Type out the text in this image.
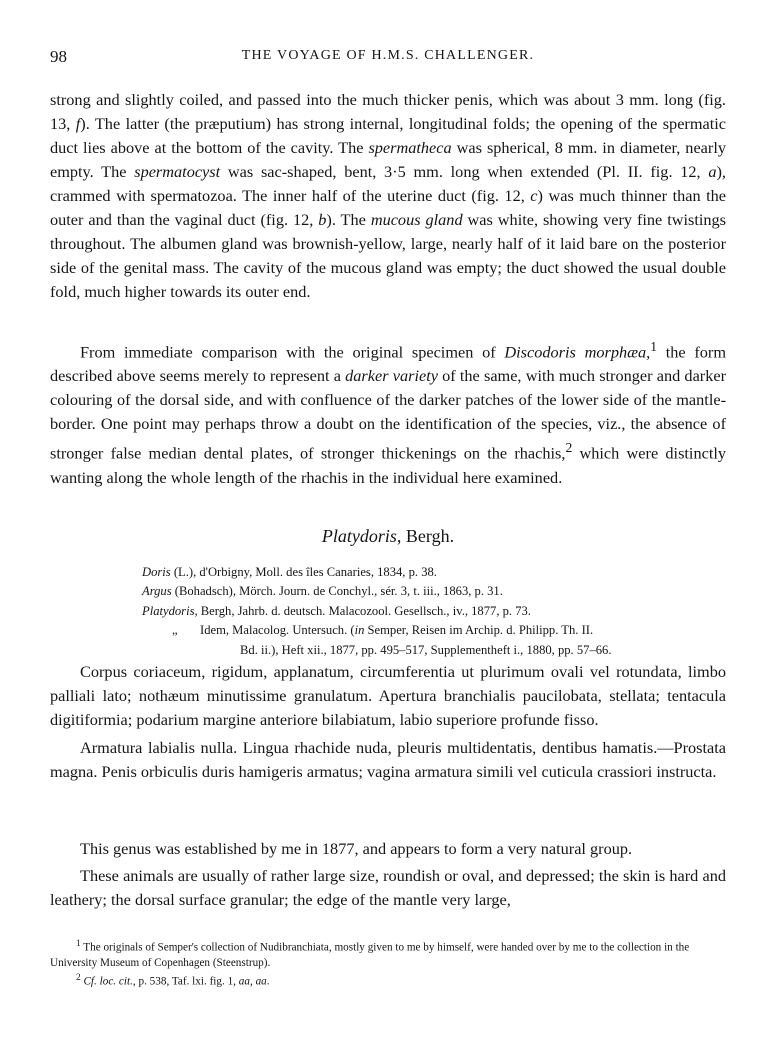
98	THE VOYAGE OF H.M.S. CHALLENGER.

strong and slightly coiled, and passed into the much thicker penis, which was about 3 mm. long (fig. 13, f). The latter (the præputium) has strong internal, longitudinal folds; the opening of the spermatic duct lies above at the bottom of the cavity. The spermatheca was spherical, 8 mm. in diameter, nearly empty. The spermatocyst was sac-shaped, bent, 3·5 mm. long when extended (Pl. II. fig. 12, a), crammed with spermatozoa. The inner half of the uterine duct (fig. 12, c) was much thinner than the outer and than the vaginal duct (fig. 12, b). The mucous gland was white, showing very fine twistings throughout. The albumen gland was brownish-yellow, large, nearly half of it laid bare on the posterior side of the genital mass. The cavity of the mucous gland was empty; the duct showed the usual double fold, much higher towards its outer end.

From immediate comparison with the original specimen of Discodoris morphæa,$^1$ the form described above seems merely to represent a darker variety of the same, with much stronger and darker colouring of the dorsal side, and with confluence of the darker patches of the lower side of the mantle-border. One point may perhaps throw a doubt on the identification of the species, viz., the absence of stronger false median dental plates, of stronger thickenings on the rhachis,$^2$ which were distinctly wanting along the whole length of the rhachis in the individual here examined.

Platydoris, Bergh.
Doris (L.), d'Orbigny, Moll. des îles Canaries, 1834, p. 38.
Argus (Bohadsch), Mörch. Journ. de Conchyl., sér. 3, t. iii., 1863, p. 31.
Platydoris, Bergh, Jahrb. d. deutsch. Malacozool. Gesellsch., iv., 1877, p. 73.
„ Idem, Malacolog. Untersuch. (in Semper, Reisen im Archip. d. Philipp. Th. II.
Bd. ii.), Heft xii., 1877, pp. 495–517, Supplementheft i., 1880, pp. 57–66.

Corpus coriaceum, rigidum, applanatum, circumferentia ut plurimum ovali vel rotundata, limbo palliali lato; nothæum minutissime granulatum. Apertura branchialis paucilobata, stellata; tentacula digitiformia; podarium margine anteriore bilabiatum, labio superiore profunde fisso.

Armatura labialis nulla. Lingua rhachide nuda, pleuris multidentatis, dentibus hamatis.—Prostata magna. Penis orbiculis duris hamigeris armatus; vagina armatura simili vel cuticula crassiori instructa.

This genus was established by me in 1877, and appears to form a very natural group.

These animals are usually of rather large size, roundish or oval, and depressed; the skin is hard and leathery; the dorsal surface granular; the edge of the mantle very large,

$^1$ The originals of Semper's collection of Nudibranchiata, mostly given to me by himself, were handed over by me to the collection in the University Museum of Copenhagen (Steenstrup).

$^2$ Cf. loc. cit., p. 538, Taf. lxi. fig. 1, aa, aa.
